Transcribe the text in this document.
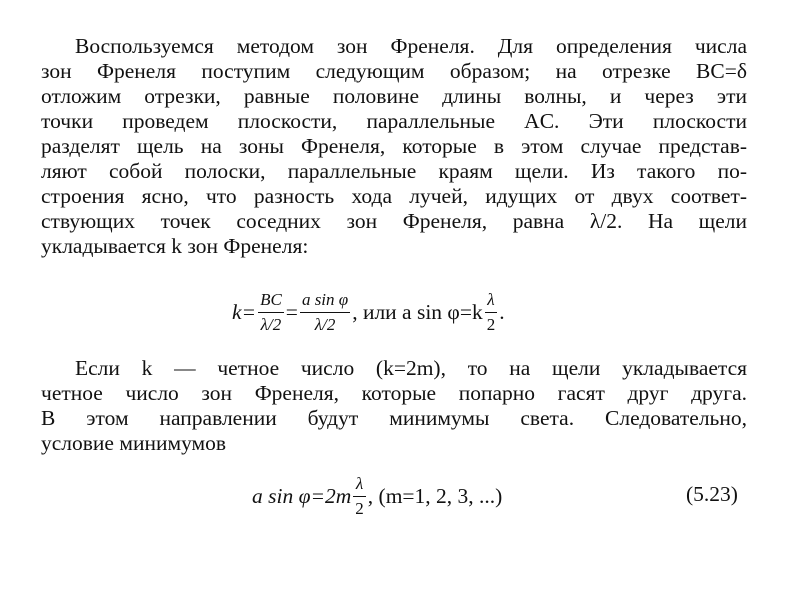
Воспользуемся методом зон Френеля. Для определения числа
зон Френеля поступим следующим образом; на отрезке BC=δ
отложим отрезки, равные половине длины волны, и через эти
точки проведем плоскости, параллельные AC. Эти плоскости
разделят щель на зоны Френеля, которые в этом случае представ-
ляют собой полоски, параллельные краям щели. Из такого по-
строения ясно, что разность хода лучей, идущих от двух соответ-
ствующих точек соседних зон Френеля, равна λ/2. На щели
укладывается k зон Френеля:
$k= \frac{BC}{\lambda/2} = \frac{\text{a sin φ}}{\lambda/2}$ , или a $\sin \varphi=k \frac{\lambda}{2}$ .
Если k — четное число (k=2m), то на щели укладывается
четное число зон Френеля, которые попарно гасят друг друга.
В этом направлении будут минимумы света. Следовательно,
условие минимумов
a $\sin \varphi=2m \frac{\lambda}{2}$ , (m=1, 2, 3, ...)	(5.23)
